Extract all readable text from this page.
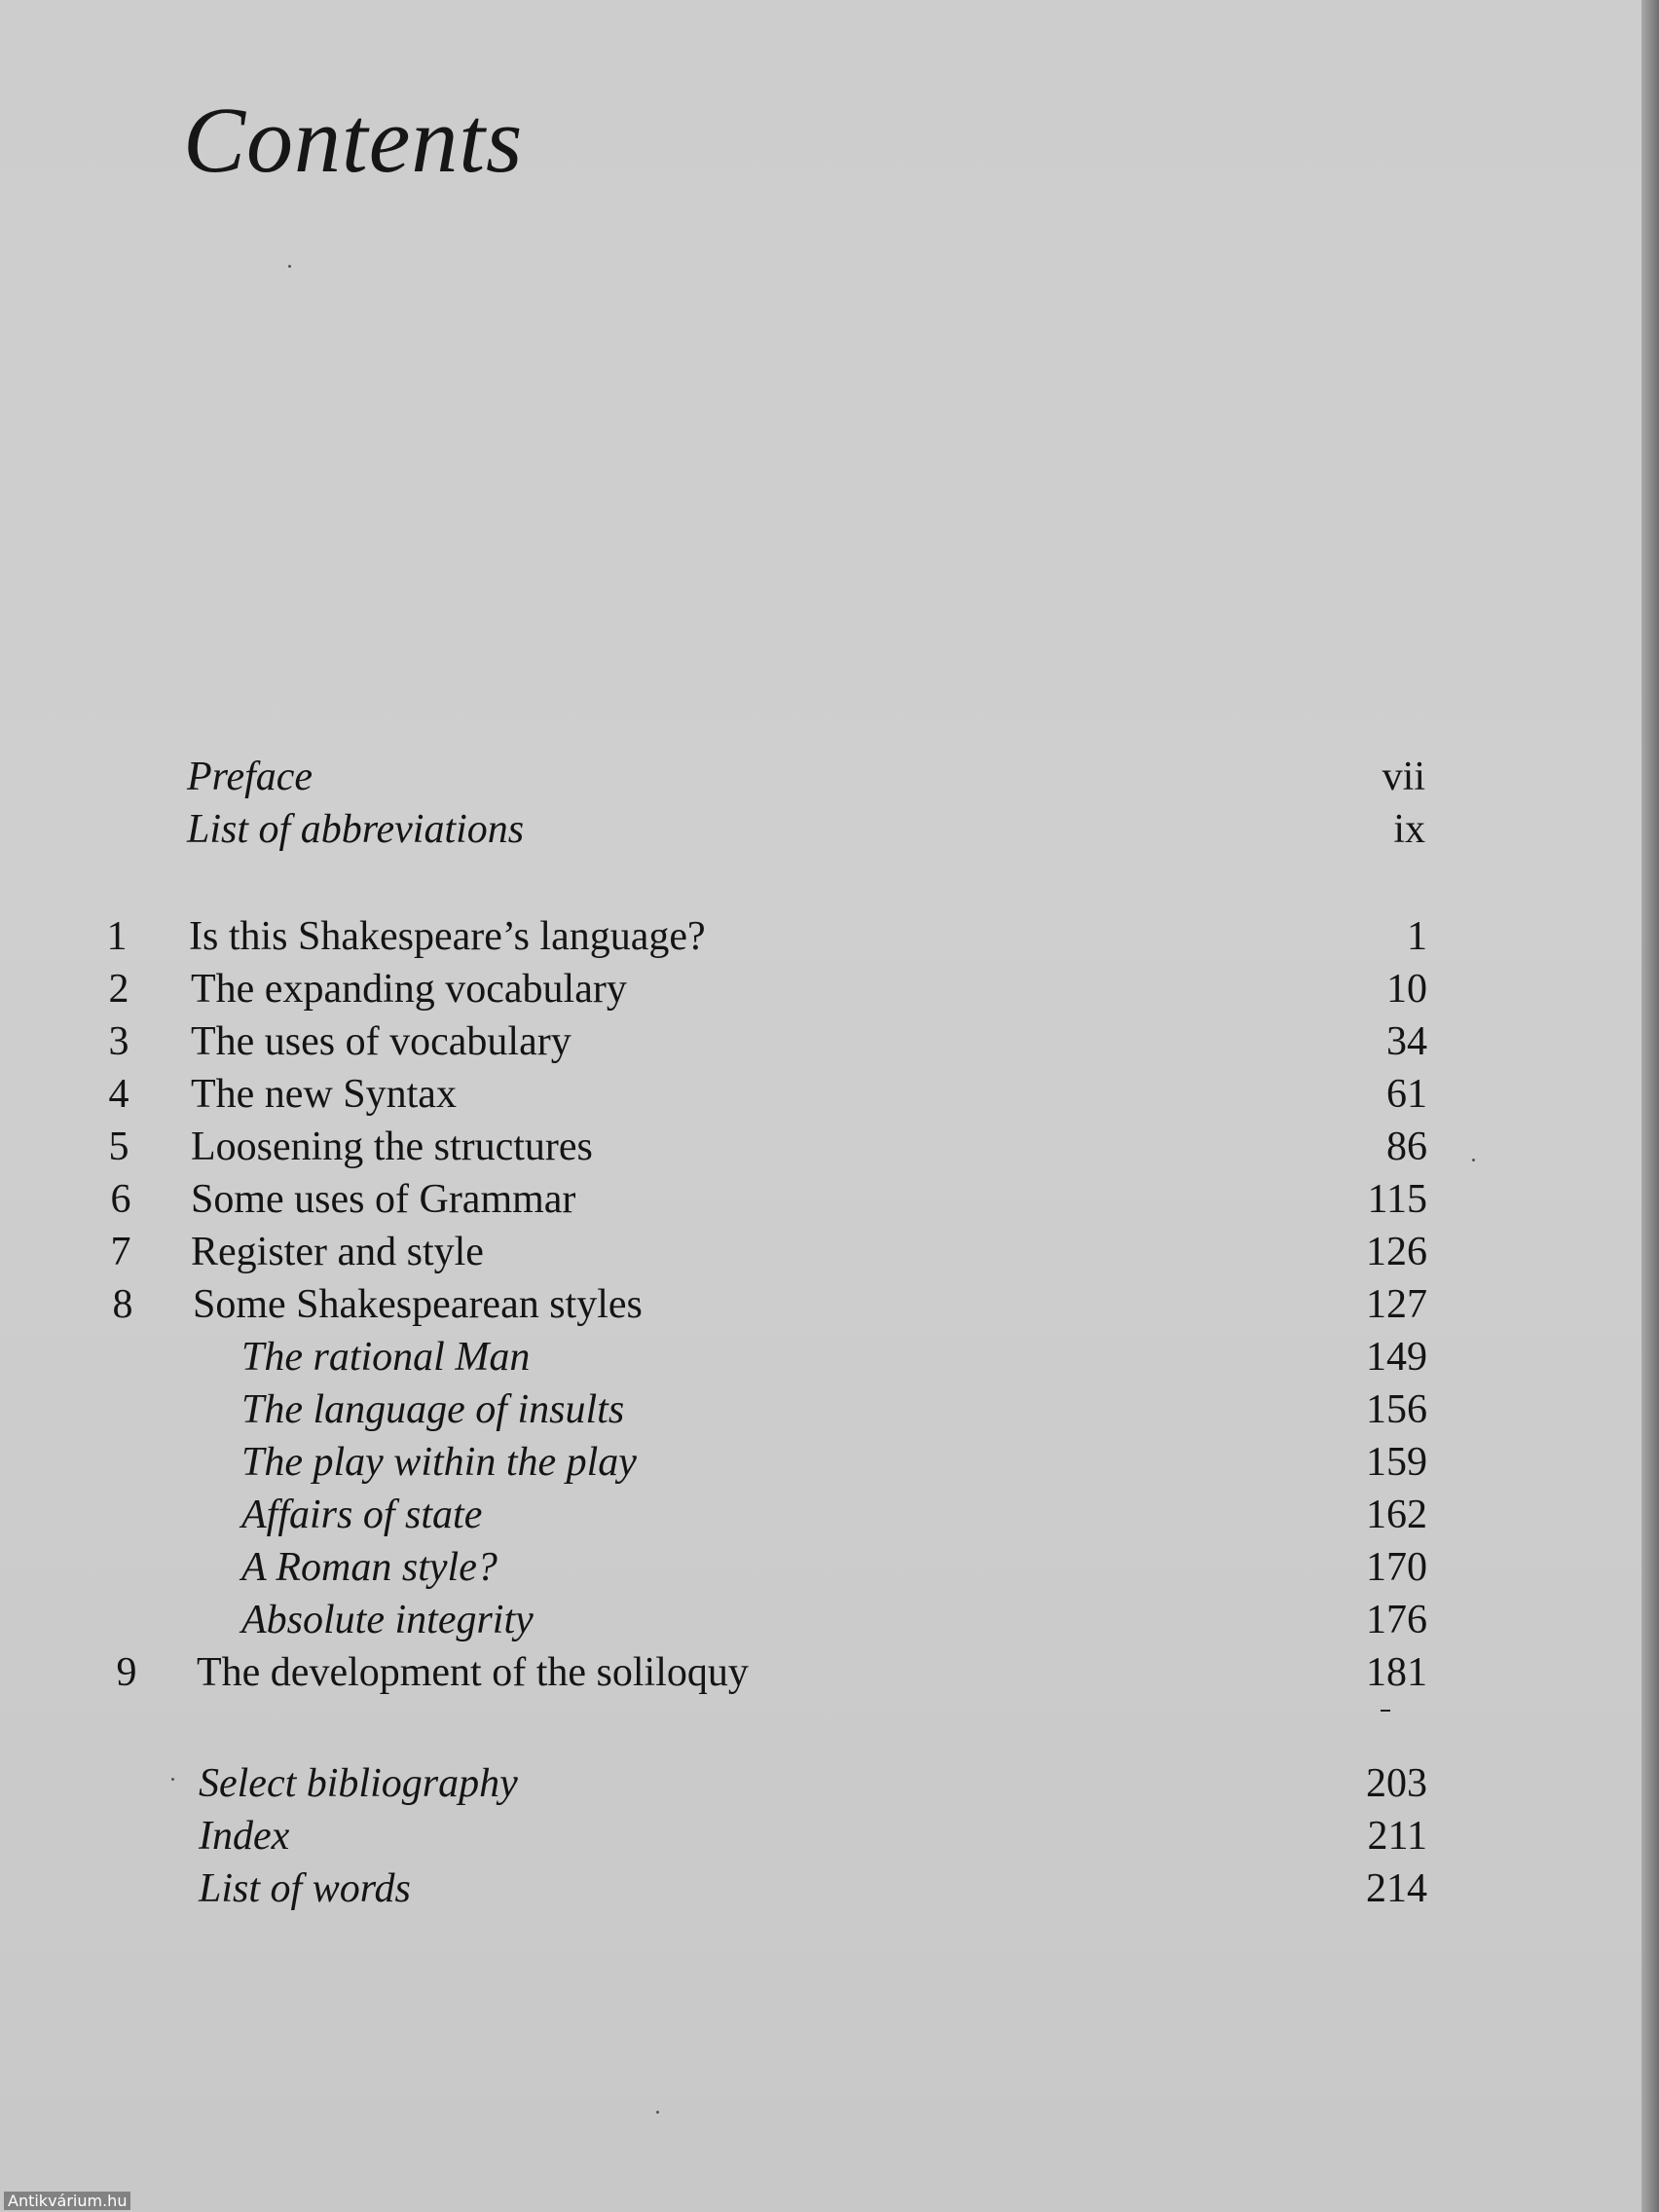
Contents
Preface	vii
List of abbreviations	ix
1 Is this Shakespeare’s language?	1
2 The expanding vocabulary	10
3 The uses of vocabulary	34
4 The new Syntax	61
5 Loosening the structures	86
6 Some uses of Grammar	115
7 Register and style	126
8 Some Shakespearean styles	127
The rational Man	149
The language of insults	156
The play within the play	159
Affairs of state	162
A Roman style?	170
Absolute integrity	176
9 The development of the soliloquy	181
Select bibliography	203
Index	211
List of words	214
Antikvárium.hu
